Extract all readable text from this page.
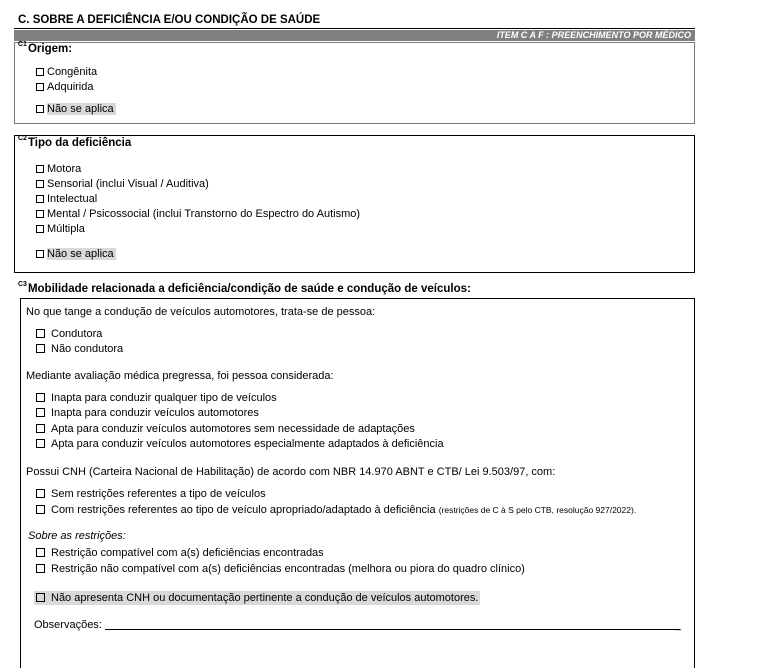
C. SOBRE A DEFICIÊNCIA E/OU CONDIÇÃO DE SAÚDE
ITEM C A F : PREENCHIMENTO POR MÉDICO
$^{C1}$Origem:
Congênita
Adquirida
Não se aplica
$^{C2}$Tipo da deficiência
Motora
Sensorial (inclui Visual / Auditiva)
Intelectual
Mental / Psicossocial (inclui Transtorno do Espectro do Autismo)
Múltipla
Não se aplica
$^{C3}$Mobilidade relacionada a deficiência/condição de saúde e condução de veículos:
No que tange a condução de veículos automotores, trata-se de pessoa:
Condutora
Não condutora
Mediante avaliação médica pregressa, foi pessoa considerada:
Inapta para conduzir qualquer tipo de veículos
Inapta para conduzir veículos automotores
Apta para conduzir veículos automotores sem necessidade de adaptações
Apta para conduzir veículos automotores especialmente adaptados à deficiência
Possui CNH (Carteira Nacional de Habilitação) de acordo com NBR 14.970 ABNT e CTB/ Lei 9.503/97, com:
Sem restrições referentes a tipo de veículos
Com restrições referentes ao tipo de veículo apropriado/adaptado à deficiência (restrições de C à S pelo CTB, resolução 927/2022).
Sobre as restrições:
Restrição compatível com a(s) deficiências encontradas
Restrição não compatível com a(s) deficiências encontradas (melhora ou piora do quadro clínico)
Não apresenta CNH ou documentação pertinente a condução de veículos automotores.
Observações:	_
